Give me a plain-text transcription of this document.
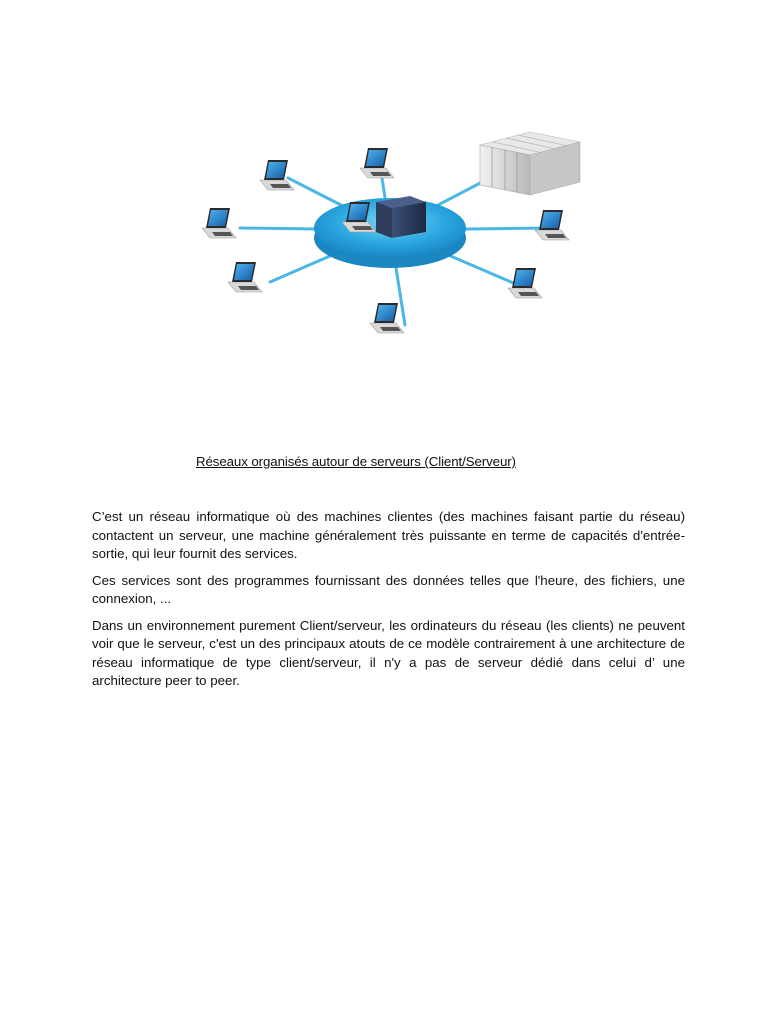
Réseaux organisés autour de serveurs (Client/Serveur)

C’est un réseau informatique où des machines clientes (des machines faisant partie du réseau) contactent un serveur, une machine généralement très puissante en terme de capacités d'entrée-sortie, qui leur fournit des services.

Ces services sont des programmes fournissant des données telles que l'heure, des fichiers, une connexion, ...

Dans un environnement purement Client/serveur, les ordinateurs du réseau (les clients) ne peuvent voir que le serveur, c'est un des principaux atouts de ce modèle contrairement à une architecture de réseau informatique de type client/serveur, il n'y a pas de serveur dédié dans celui d’ une architecture peer to peer.
